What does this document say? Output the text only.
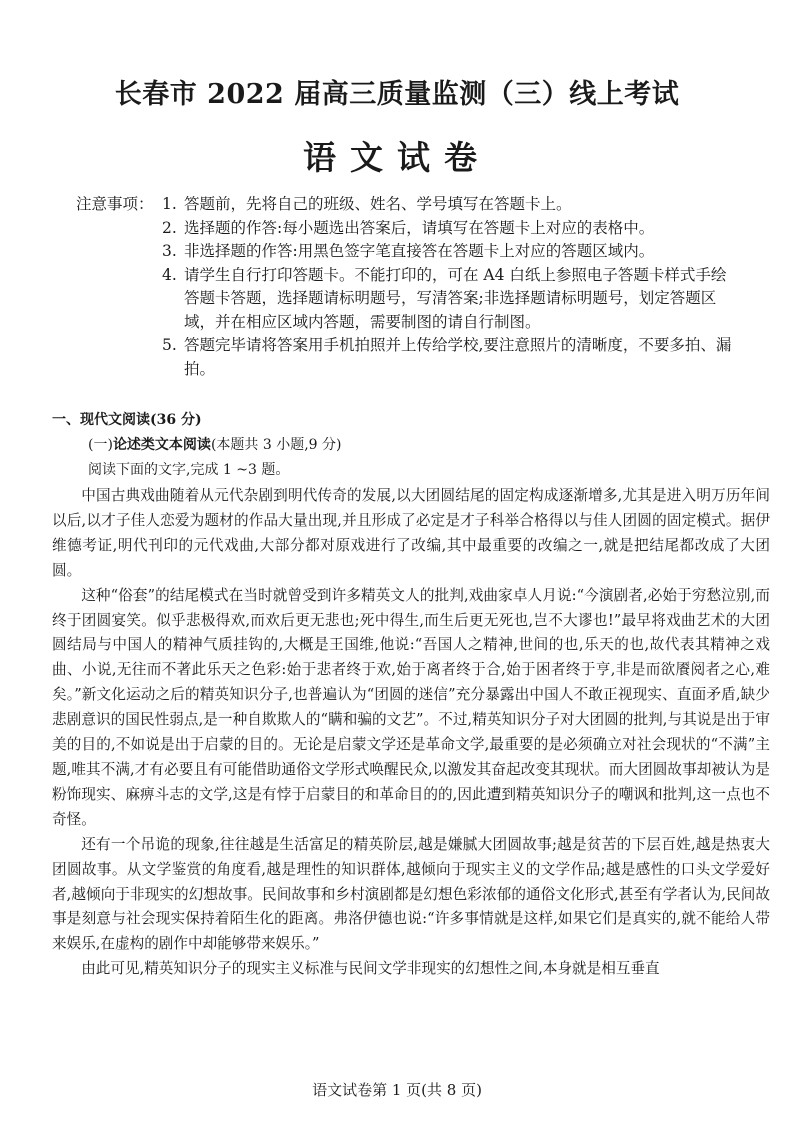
长春市 2022 届高三质量监测（三）线上考试
语文试卷
注意事项： 1. 答题前，先将自己的班级、姓名、学号填写在答题卡上。
2. 选择题的作答:每小题选出答案后，请填写在答题卡上对应的表格中。
3. 非选择题的作答:用黑色签字笔直接答在答题卡上对应的答题区域内。
4. 请学生自行打印答题卡。不能打印的，可在 A4 白纸上参照电子答题卡样式手绘答题卡答题，选择题请标明题号，写清答案;非选择题请标明题号，划定答题区域，并在相应区域内答题，需要制图的请自行制图。
5. 答题完毕请将答案用手机拍照并上传给学校,要注意照片的清晰度，不要多拍、漏拍。
一、现代文阅读(36 分)
(一)论述类文本阅读(本题共 3 小题,9 分)
阅读下面的文字,完成 1 ~3 题。

中国古典戏曲随着从元代杂剧到明代传奇的发展,以大团圆结尾的固定构成逐渐增多,尤其是进入明万历年间以后,以才子佳人恋爱为题材的作品大量出现,并且形成了必定是才子科举合格得以与佳人团圆的固定模式。据伊维德考证,明代刊印的元代戏曲,大部分都对原戏进行了改编,其中最重要的改编之一,就是把结尾都改成了大团圆。

这种“俗套”的结尾模式在当时就曾受到许多精英文人的批判,戏曲家卓人月说:“今演剧者,必始于穷愁泣别,而终于团圆宴笑。似乎悲极得欢,而欢后更无悲也;死中得生,而生后更无死也,岂不大谬也!”最早将戏曲艺术的大团圆结局与中国人的精神气质挂钩的,大概是王国维,他说:“吾国人之精神,世间的也,乐天的也,故代表其精神之戏曲、小说,无往而不著此乐天之色彩:始于悲者终于欢,始于离者终于合,始于困者终于亨,非是而欲餍阅者之心,难矣。”新文化运动之后的精英知识分子,也普遍认为“团圆的迷信”充分暴露出中国人不敢正视现实、直面矛盾,缺少悲剧意识的国民性弱点,是一种自欺欺人的“瞒和骗的文艺”。不过,精英知识分子对大团圆的批判,与其说是出于审美的目的,不如说是出于启蒙的目的。无论是启蒙文学还是革命文学,最重要的是必须确立对社会现状的“不满”主题,唯其不满,才有必要且有可能借助通俗文学形式唤醒民众,以激发其奋起改变其现状。而大团圆故事却被认为是粉饰现实、麻痹斗志的文学,这是有悖于启蒙目的和革命目的的,因此遭到精英知识分子的嘲讽和批判,这一点也不奇怪。

还有一个吊诡的现象,往往越是生活富足的精英阶层,越是嫌腻大团圆故事;越是贫苦的下层百姓,越是热衷大团圆故事。从文学鉴赏的角度看,越是理性的知识群体,越倾向于现实主义的文学作品;越是感性的口头文学爱好者,越倾向于非现实的幻想故事。民间故事和乡村演剧都是幻想色彩浓郁的通俗文化形式,甚至有学者认为,民间故事是刻意与社会现实保持着陌生化的距离。弗洛伊德也说:“许多事情就是这样,如果它们是真实的,就不能给人带来娱乐,在虚构的剧作中却能够带来娱乐。”

由此可见,精英知识分子的现实主义标准与民间文学非现实的幻想性之间,本身就是相互垂直

语文试卷第 1 页(共 8 页)
